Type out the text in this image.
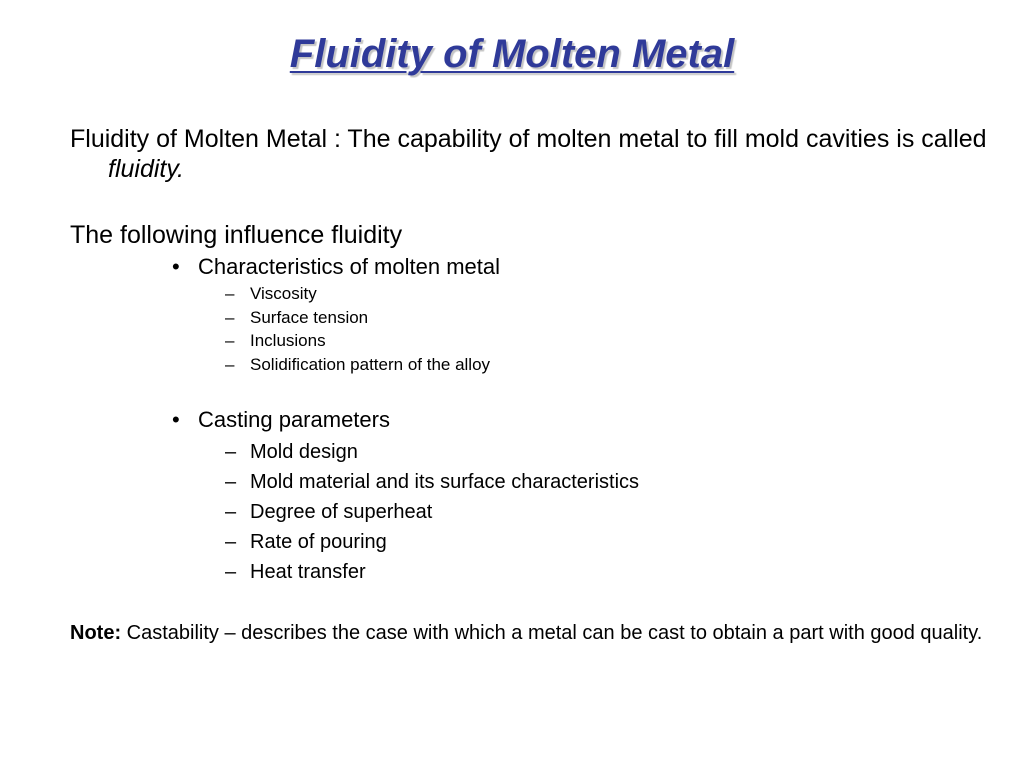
Fluidity of Molten Metal
Fluidity of Molten Metal : The capability of molten metal to fill mold cavities is called fluidity.
The following influence fluidity
• Characteristics of molten metal
– Viscosity
– Surface tension
– Inclusions
– Solidification pattern of the alloy
• Casting parameters
– Mold design
– Mold material and its surface characteristics
– Degree of superheat
– Rate of pouring
– Heat transfer
Note: Castability – describes the case with which a metal can be cast to obtain a part with good quality.
